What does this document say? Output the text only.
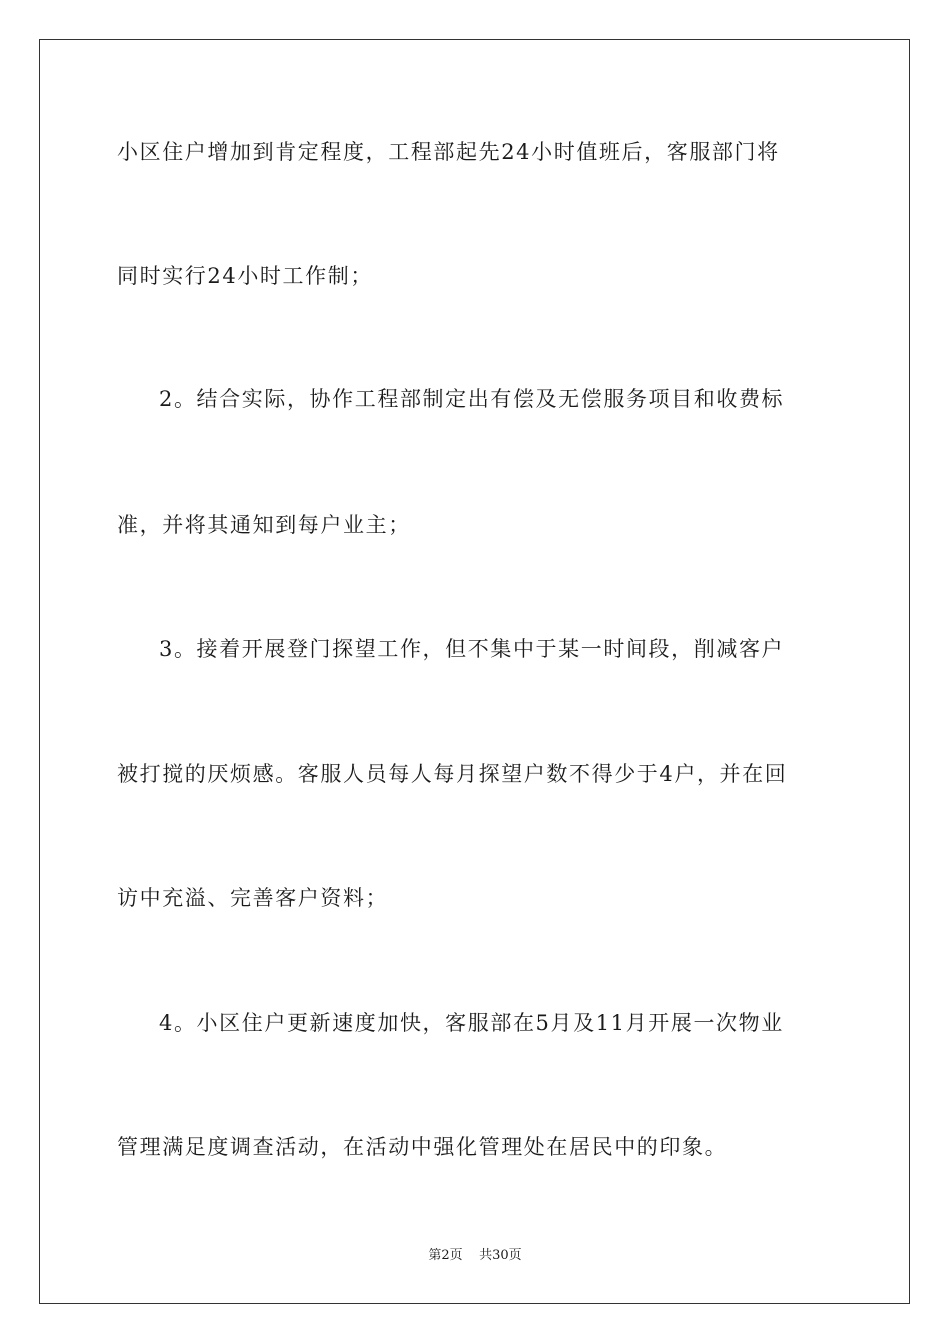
小区住户增加到肯定程度，工程部起先24小时值班后，客服部门将
同时实行24小时工作制；
2。结合实际，协作工程部制定出有偿及无偿服务项目和收费标
准，并将其通知到每户业主；
3。接着开展登门探望工作，但不集中于某一时间段，削减客户
被打搅的厌烦感。客服人员每人每月探望户数不得少于4户，并在回
访中充溢、完善客户资料；
4。小区住户更新速度加快，客服部在5月及11月开展一次物业
管理满足度调查活动，在活动中强化管理处在居民中的印象。
第2页 共30页
